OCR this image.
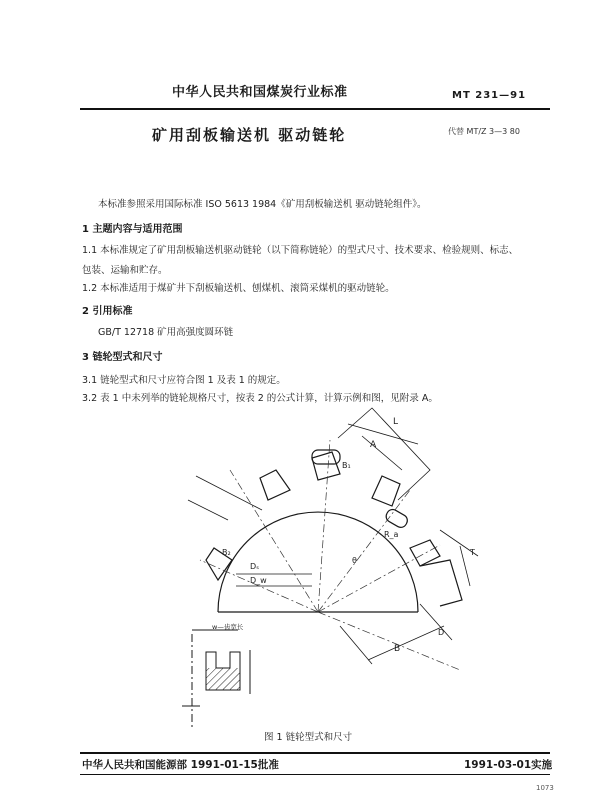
中华人民共和国煤炭行业标准	MT 231—91
矿用刮板输送机 驱动链轮	代替 MT/Z 3—3 80
本标准参照采用国际标准 ISO 5613 1984《矿用刮板输送机 驱动链轮组件》。
1 主题内容与适用范围
1.1 本标准规定了矿用刮板输送机驱动链轮（以下简称链轮）的型式尺寸、技术要求、检验规则、标志、
包装、运输和贮存。
1.2 本标准适用于煤矿井下刮板输送机、刨煤机、滚筒采煤机的驱动链轮。
2 引用标准
GB/T 12718 矿用高强度圆环链
3 链轮型式和尺寸
3.1 链轮型式和尺寸应符合图 1 及表 1 的规定。
3.2 表 1 中未列举的链轮规格尺寸，按表 2 的公式计算，计算示例和图，见附录 A。
L
A
B₁
T
B₂
Dₛ
D_w
θ
R_a
D
B
w—齿宽长
图 1 链轮型式和尺寸
中华人民共和国能源部 1991-01-15批准	1991-03-01实施
1073
